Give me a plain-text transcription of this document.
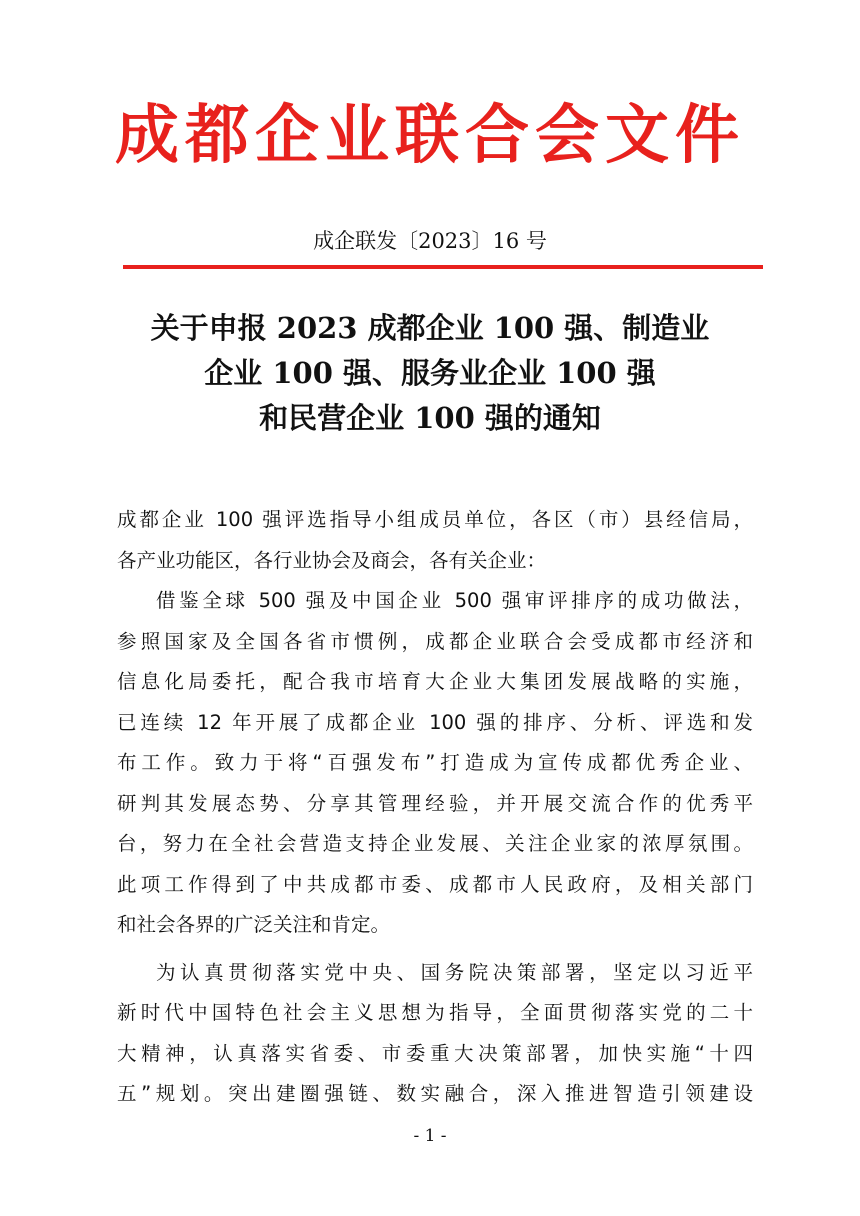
成都企业联合会文件
成企联发〔2023〕16 号
关于申报 2023 成都企业 100 强、制造业
企业 100 强、服务业企业 100 强
和民营企业 100 强的通知
成都企业 100 强评选指导小组成员单位，各区（市）县经信局，
各产业功能区，各行业协会及商会，各有关企业：
借鉴全球 500 强及中国企业 500 强审评排序的成功做法，
参照国家及全国各省市惯例，成都企业联合会受成都市经济和
信息化局委托，配合我市培育大企业大集团发展战略的实施，
已连续 12 年开展了成都企业 100 强的排序、分析、评选和发
布工作。致力于将“百强发布”打造成为宣传成都优秀企业、
研判其发展态势、分享其管理经验，并开展交流合作的优秀平
台，努力在全社会营造支持企业发展、关注企业家的浓厚氛围。
此项工作得到了中共成都市委、成都市人民政府，及相关部门
和社会各界的广泛关注和肯定。
为认真贯彻落实党中央、国务院决策部署，坚定以习近平
新时代中国特色社会主义思想为指导，全面贯彻落实党的二十
大精神，认真落实省委、市委重大决策部署，加快实施“十四
五”规划。突出建圈强链、数实融合，深入推进智造引领建设
- 1 -
